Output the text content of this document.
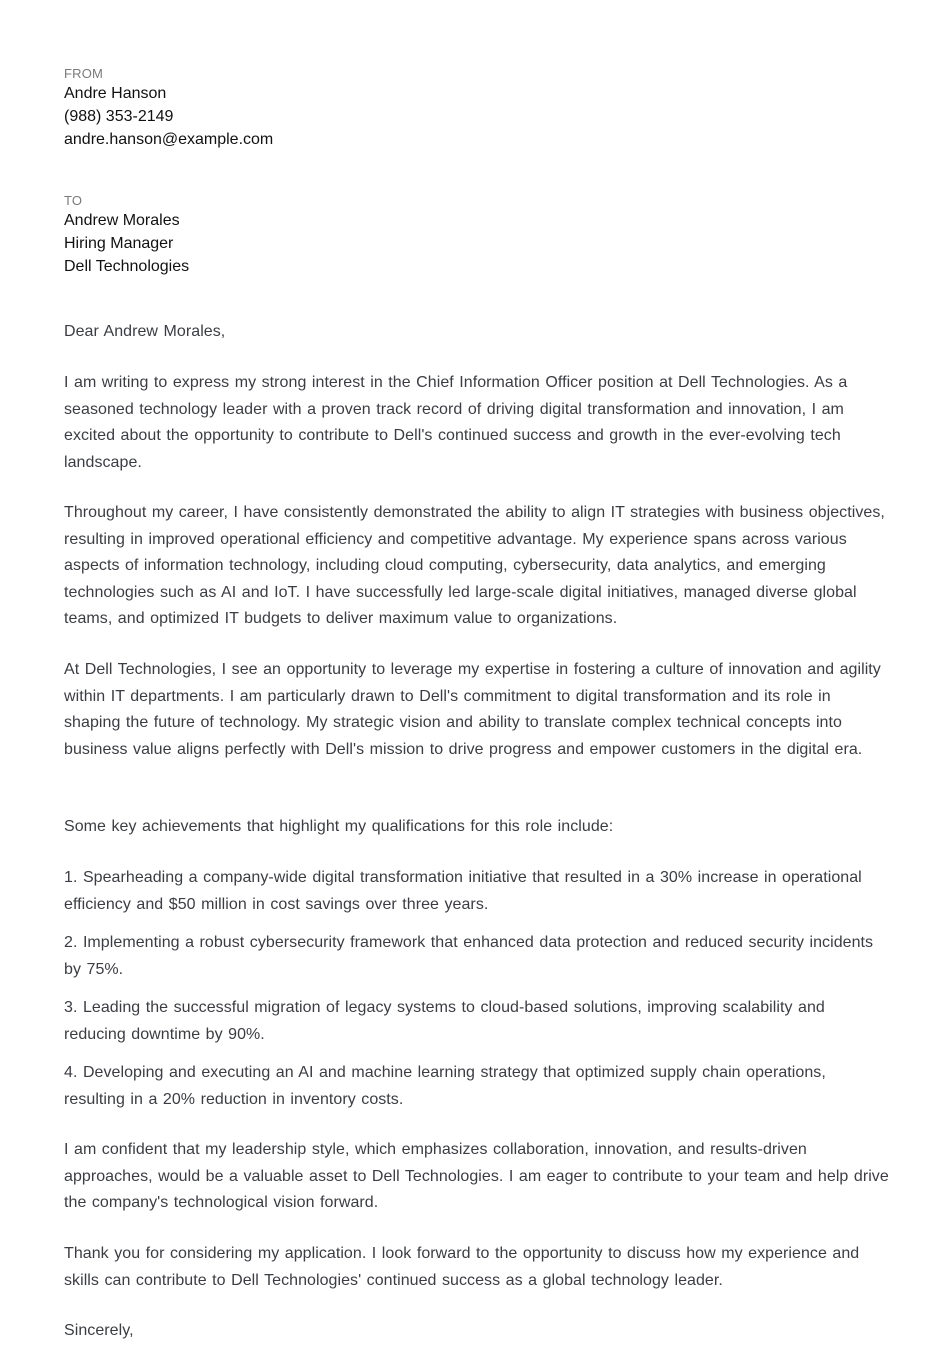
FROM
Andre Hanson
(988) 353-2149
andre.hanson@example.com
TO
Andrew Morales
Hiring Manager
Dell Technologies
Dear Andrew Morales,
I am writing to express my strong interest in the Chief Information Officer position at Dell Technologies. As a seasoned technology leader with a proven track record of driving digital transformation and innovation, I am excited about the opportunity to contribute to Dell's continued success and growth in the ever-evolving tech landscape.
Throughout my career, I have consistently demonstrated the ability to align IT strategies with business objectives, resulting in improved operational efficiency and competitive advantage. My experience spans across various aspects of information technology, including cloud computing, cybersecurity, data analytics, and emerging technologies such as AI and IoT. I have successfully led large-scale digital initiatives, managed diverse global teams, and optimized IT budgets to deliver maximum value to organizations.
At Dell Technologies, I see an opportunity to leverage my expertise in fostering a culture of innovation and agility within IT departments. I am particularly drawn to Dell's commitment to digital transformation and its role in shaping the future of technology. My strategic vision and ability to translate complex technical concepts into business value aligns perfectly with Dell's mission to drive progress and empower customers in the digital era.
Some key achievements that highlight my qualifications for this role include:
1. Spearheading a company-wide digital transformation initiative that resulted in a 30% increase in operational efficiency and $50 million in cost savings over three years.
2. Implementing a robust cybersecurity framework that enhanced data protection and reduced security incidents by 75%.
3. Leading the successful migration of legacy systems to cloud-based solutions, improving scalability and reducing downtime by 90%.
4. Developing and executing an AI and machine learning strategy that optimized supply chain operations, resulting in a 20% reduction in inventory costs.
I am confident that my leadership style, which emphasizes collaboration, innovation, and results-driven approaches, would be a valuable asset to Dell Technologies. I am eager to contribute to your team and help drive the company's technological vision forward.
Thank you for considering my application. I look forward to the opportunity to discuss how my experience and skills can contribute to Dell Technologies' continued success as a global technology leader.
Sincerely,
